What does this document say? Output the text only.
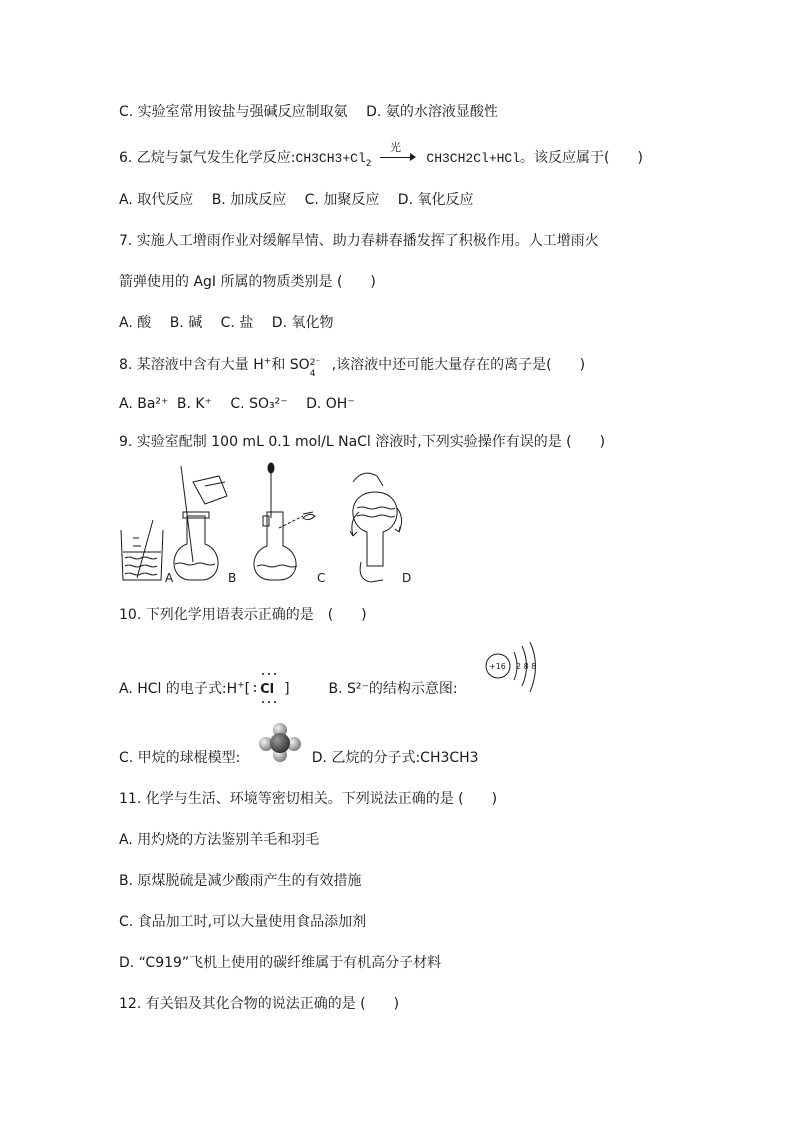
C. 实验室常用铵盐与强碱反应制取氨 D. 氨的水溶液显酸性
6. 乙烷与氯气发生化学反应$:CH3CH3+Cl_2$
光
CH3CH2Cl+HCl。该反应属于(　　)
A. 取代反应 B. 加成反应 C. 加聚反应 D. 氧化反应
7. 实施人工增雨作业对缓解旱情、助力春耕春播发挥了积极作用。人工增雨火
箭弹使用的 AgI 所属的物质类别是 (　　)
A. 酸 B. 碱 C. 盐 D. 氧化物
8. 某溶液中含有大量 H+和 SO 2⁻
4
,该溶液中还可能大量存在的离子是(　　)
A. Ba²⁺ B. K⁺ C. SO₃²⁻ D. OH⁻
9. 实验室配制 100 mL 0.1 mol/L NaCl 溶液时,下列实验操作有误的是 (　　)
A	B	C	D
10. 下列化学用语表示正确的是　(　　)
A. HCl 的电子式:H+[ Cl ]	B. S²⁻的结构示意图:
+16 2 8 8
C. 甲烷的球棍模型:	D. 乙烷的分子式:CH3CH3
11. 化学与生活、环境等密切相关。下列说法正确的是 (　　)
A. 用灼烧的方法鉴别羊毛和羽毛
B. 原煤脱硫是减少酸雨产生的有效措施
C. 食品加工时,可以大量使用食品添加剂
D. “C919”飞机上使用的碳纤维属于有机高分子材料
12. 有关铝及其化合物的说法正确的是 (　　)
